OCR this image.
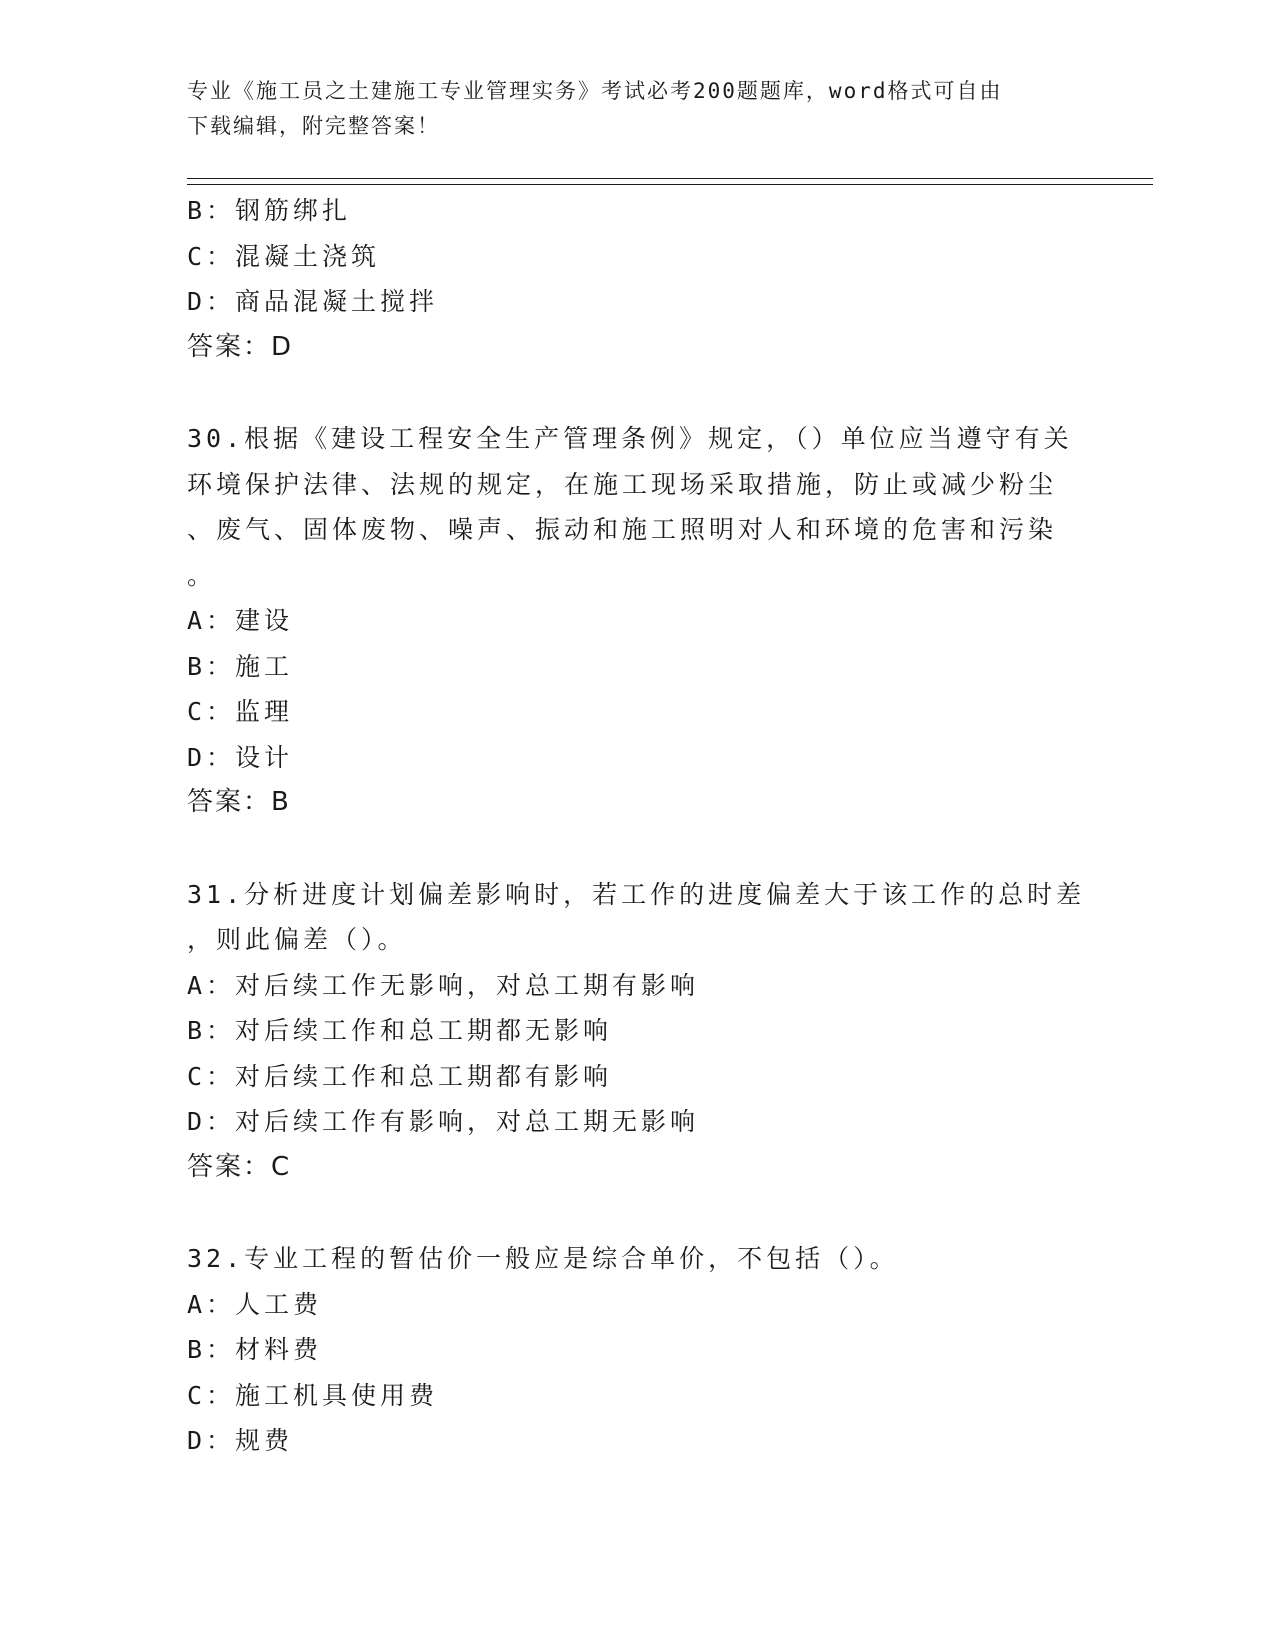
专业《施工员之土建施工专业管理实务》考试必考200题题库，word格式可自由
下载编辑，附完整答案！
B：钢筋绑扎
C：混凝土浇筑
D：商品混凝土搅拌
答案：D
30.根据《建设工程安全生产管理条例》规定，（）单位应当遵守有关
环境保护法律、法规的规定，在施工现场采取措施，防止或减少粉尘
、废气、固体废物、噪声、振动和施工照明对人和环境的危害和污染
。
A：建设
B：施工
C：监理
D：设计
答案：B
31.分析进度计划偏差影响时，若工作的进度偏差大于该工作的总时差
，则此偏差（）。
A：对后续工作无影响，对总工期有影响
B：对后续工作和总工期都无影响
C：对后续工作和总工期都有影响
D：对后续工作有影响，对总工期无影响
答案：C
32.专业工程的暂估价一般应是综合单价，不包括（）。
A：人工费
B：材料费
C：施工机具使用费
D：规费
